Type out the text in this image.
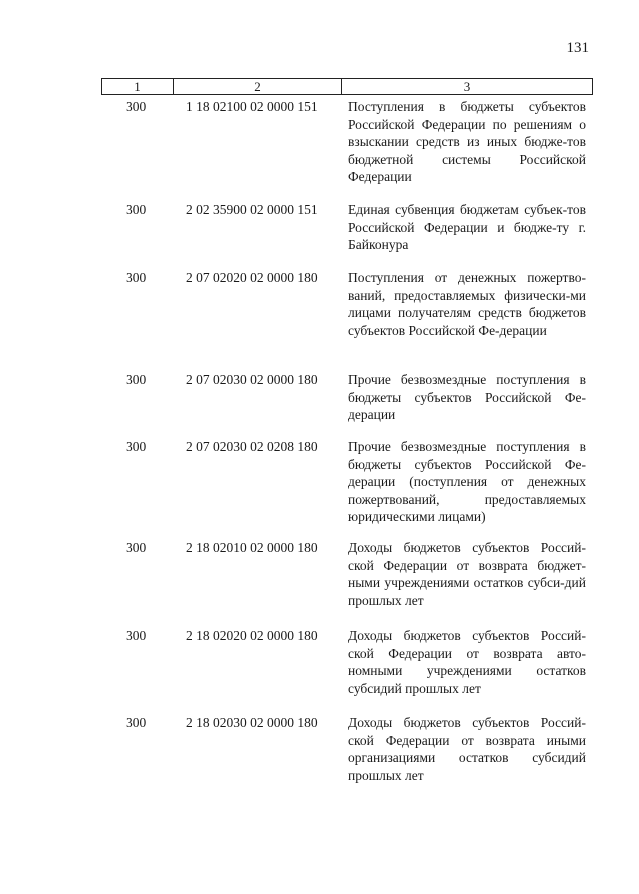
131
1	2	3
300	1 18 02100 02 0000 151	Поступления в бюджеты субъектов Российской Федерации по решениям о взыскании средств из иных бюдже-тов бюджетной системы Российской Федерации
300	2 02 35900 02 0000 151	Единая субвенция бюджетам субъек-тов Российской Федерации и бюдже-ту г. Байконура
300	2 07 02020 02 0000 180	Поступления от денежных пожертво-ваний, предоставляемых физически-ми лицами получателям средств бюджетов субъектов Российской Фе-дерации
300	2 07 02030 02 0000 180	Прочие безвозмездные поступления в бюджеты субъектов Российской Фе-дерации
300	2 07 02030 02 0208 180	Прочие безвозмездные поступления в бюджеты субъектов Российской Фе-дерации (поступления от денежных пожертвований, предоставляемых юридическими лицами)
300	2 18 02010 02 0000 180	Доходы бюджетов субъектов Россий-ской Федерации от возврата бюджет-ными учреждениями остатков субси-дий прошлых лет
300	2 18 02020 02 0000 180	Доходы бюджетов субъектов Россий-ской Федерации от возврата авто-номными учреждениями остатков субсидий прошлых лет
300	2 18 02030 02 0000 180	Доходы бюджетов субъектов Россий-ской Федерации от возврата иными организациями остатков субсидий прошлых лет
